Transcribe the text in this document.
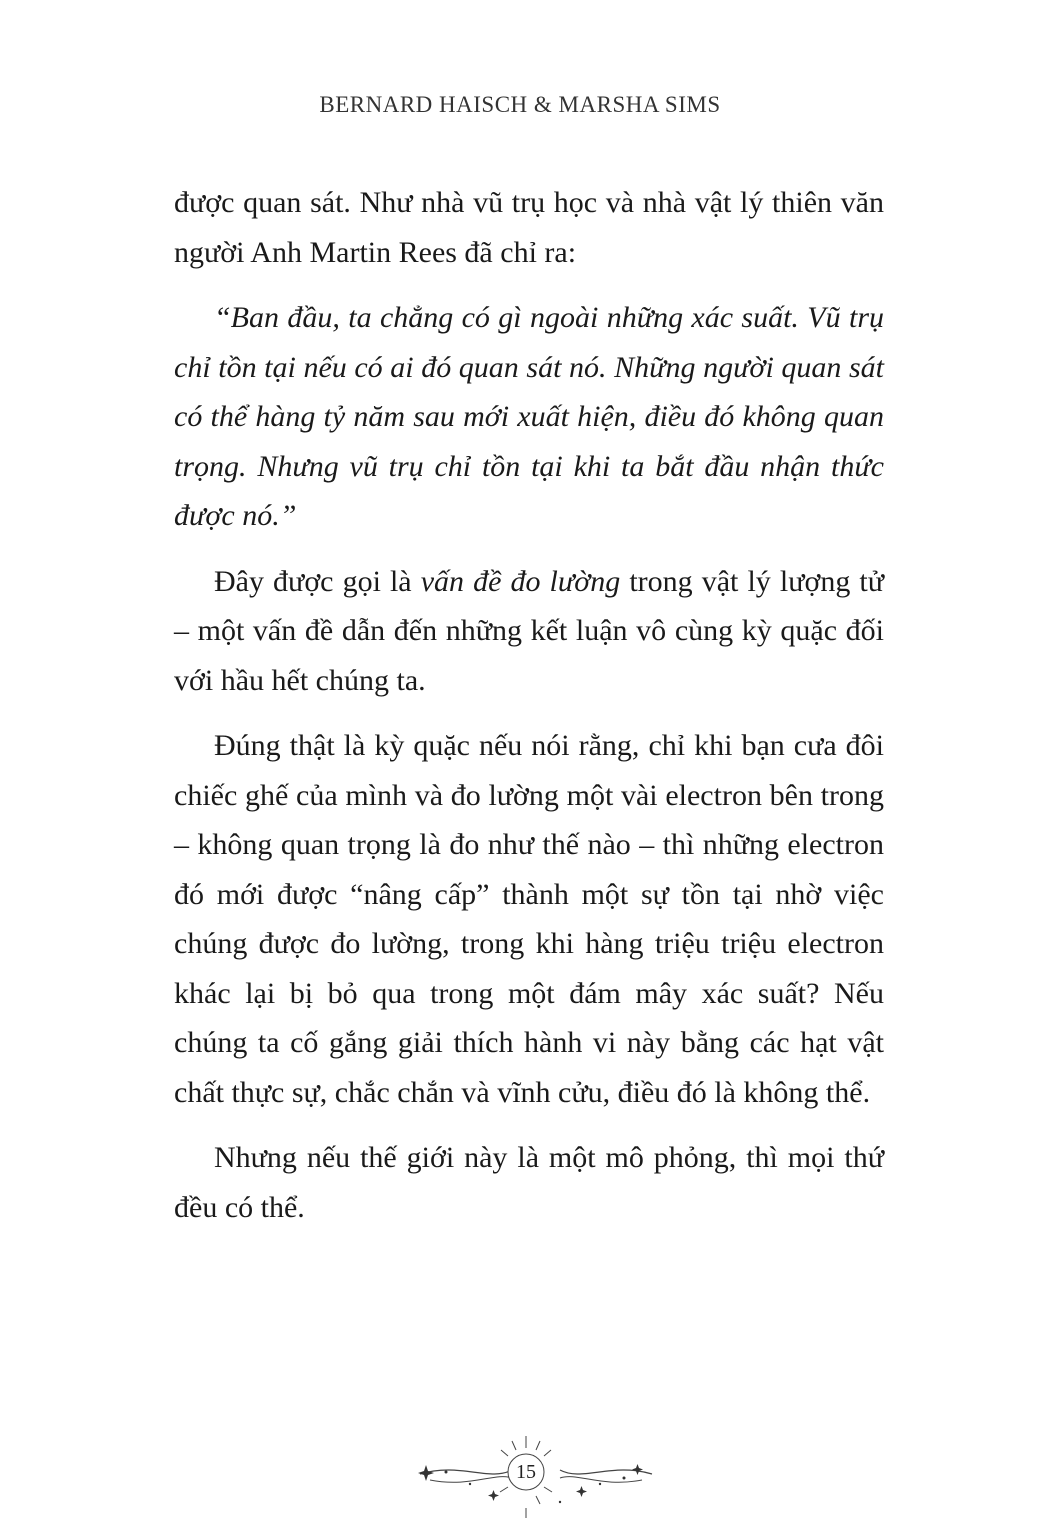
BERNARD HAISCH & MARSHA SIMS

được quan sát. Như nhà vũ trụ học và nhà vật lý thiên văn người Anh Martin Rees đã chỉ ra:

“Ban đầu, ta chẳng có gì ngoài những xác suất. Vũ trụ chỉ tồn tại nếu có ai đó quan sát nó. Những người quan sát có thể hàng tỷ năm sau mới xuất hiện, điều đó không quan trọng. Nhưng vũ trụ chỉ tồn tại khi ta bắt đầu nhận thức được nó.”

Đây được gọi là vấn đề đo lường trong vật lý lượng tử – một vấn đề dẫn đến những kết luận vô cùng kỳ quặc đối với hầu hết chúng ta.

Đúng thật là kỳ quặc nếu nói rằng, chỉ khi bạn cưa đôi chiếc ghế của mình và đo lường một vài electron bên trong – không quan trọng là đo như thế nào – thì những electron đó mới được “nâng cấp” thành một sự tồn tại nhờ việc chúng được đo lường, trong khi hàng triệu triệu electron khác lại bị bỏ qua trong một đám mây xác suất? Nếu chúng ta cố gắng giải thích hành vi này bằng các hạt vật chất thực sự, chắc chắn và vĩnh cửu, điều đó là không thể.

Nhưng nếu thế giới này là một mô phỏng, thì mọi thứ đều có thể.

15
